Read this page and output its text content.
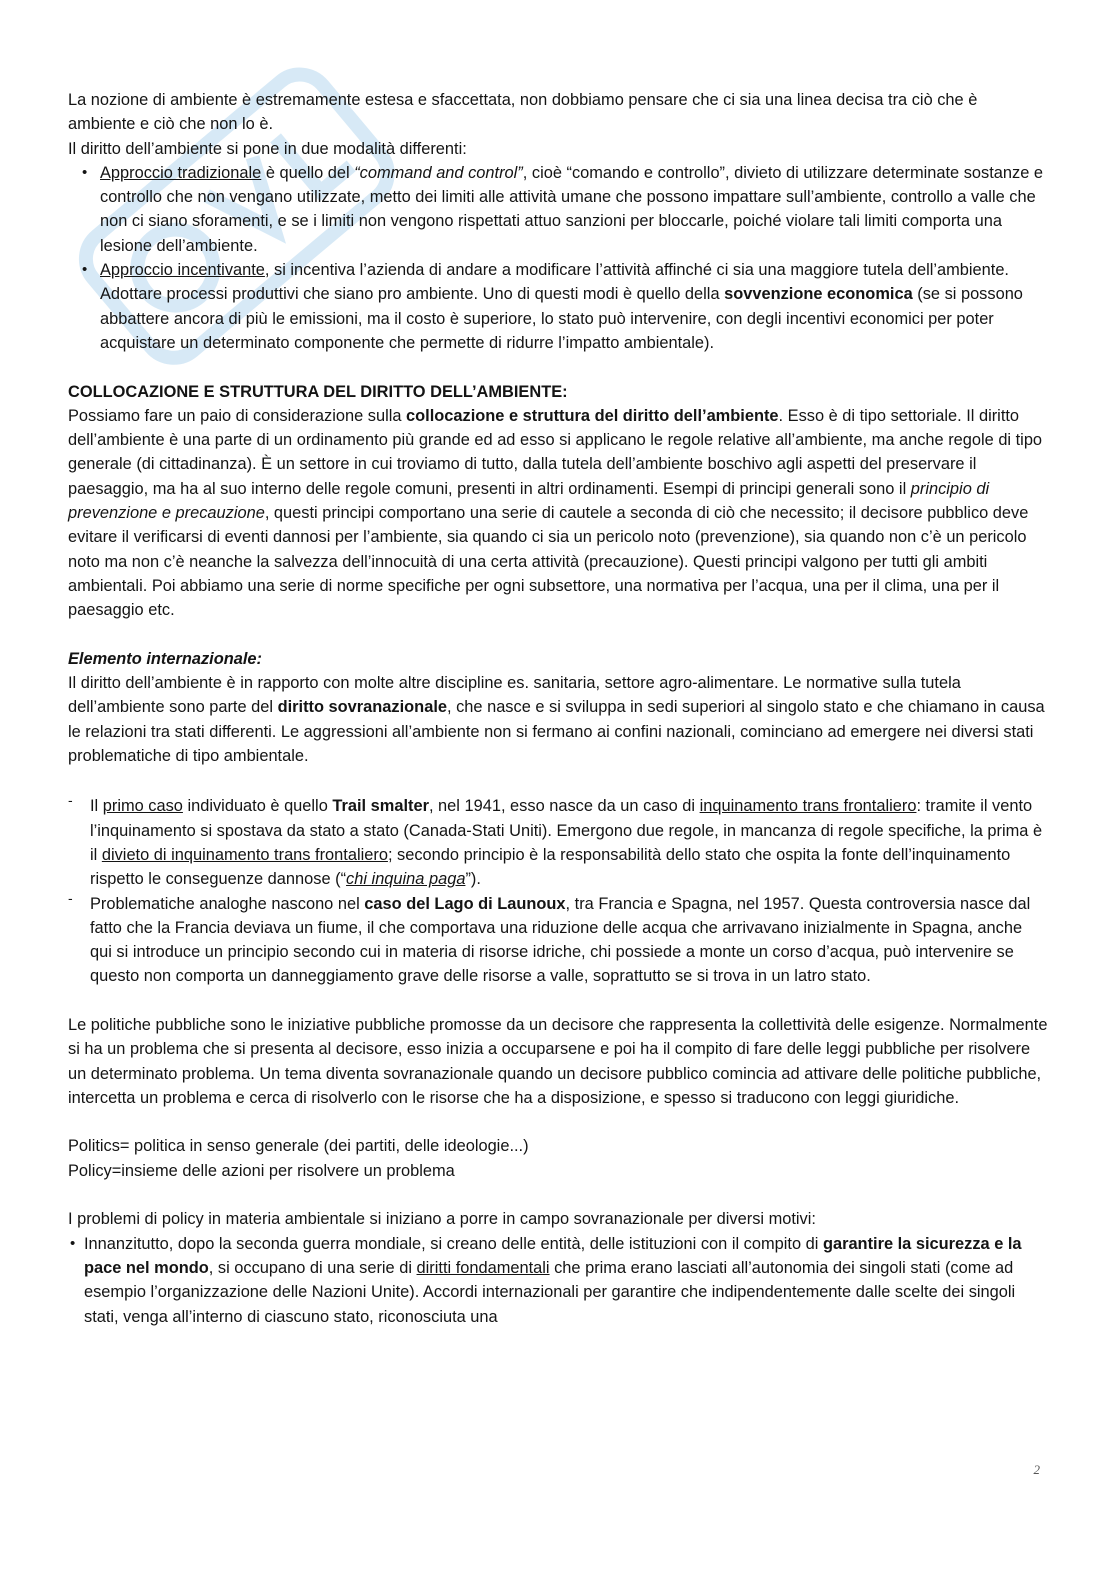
La nozione di ambiente è estremamente estesa e sfaccettata, non dobbiamo pensare che ci sia una linea decisa tra ciò che è ambiente e ciò che non lo è.

Il diritto dell’ambiente si pone in due modalità differenti:

• Approccio tradizionale è quello del “command and control”, cioè “comando e controllo”, divieto di utilizzare determinate sostanze e controllo che non vengano utilizzate, metto dei limiti alle attività umane che possono impattare sull’ambiente, controllo a valle che non ci siano sforamenti, e se i limiti non vengono rispettati attuo sanzioni per bloccarle, poiché violare tali limiti comporta una lesione dell’ambiente.
• Approccio incentivante, si incentiva l’azienda di andare a modificare l’attività affinché ci sia una maggiore tutela dell’ambiente. Adottare processi produttivi che siano pro ambiente. Uno di questi modi è quello della sovvenzione economica (se si possono abbattere ancora di più le emissioni, ma il costo è superiore, lo stato può intervenire, con degli incentivi economici per poter acquistare un determinato componente che permette di ridurre l’impatto ambientale).

COLLOCAZIONE E STRUTTURA DEL DIRITTO DELL’AMBIENTE:

Possiamo fare un paio di considerazione sulla collocazione e struttura del diritto dell’ambiente. Esso è di tipo settoriale. Il diritto dell’ambiente è una parte di un ordinamento più grande ed ad esso si applicano le regole relative all’ambiente, ma anche regole di tipo generale (di cittadinanza). È un settore in cui troviamo di tutto, dalla tutela dell’ambiente boschivo agli aspetti del preservare il paesaggio, ma ha al suo interno delle regole comuni, presenti in altri ordinamenti. Esempi di principi generali sono il principio di prevenzione e precauzione, questi principi comportano una serie di cautele a seconda di ciò che necessito; il decisore pubblico deve evitare il verificarsi di eventi dannosi per l’ambiente, sia quando ci sia un pericolo noto (prevenzione), sia quando non c’è un pericolo noto ma non c’è neanche la salvezza dell’innocuità di una certa attività (precauzione). Questi principi valgono per tutti gli ambiti ambientali. Poi abbiamo una serie di norme specifiche per ogni subsettore, una normativa per l’acqua, una per il clima, una per il paesaggio etc.

Elemento internazionale:

Il diritto dell’ambiente è in rapporto con molte altre discipline es. sanitaria, settore agro-alimentare. Le normative sulla tutela dell’ambiente sono parte del diritto sovranazionale, che nasce e si sviluppa in sedi superiori al singolo stato e che chiamano in causa le relazioni tra stati differenti. Le aggressioni all’ambiente non si fermano ai confini nazionali, cominciano ad emergere nei diversi stati problematiche di tipo ambientale.

- Il primo caso individuato è quello Trail smalter, nel 1941, esso nasce da un caso di inquinamento trans frontaliero: tramite il vento l’inquinamento si spostava da stato a stato (Canada-Stati Uniti). Emergono due regole, in mancanza di regole specifiche, la prima è il divieto di inquinamento trans frontaliero; secondo principio è la responsabilità dello stato che ospita la fonte dell’inquinamento rispetto le conseguenze dannose (“chi inquina paga”).
- Problematiche analoghe nascono nel caso del Lago di Launoux, tra Francia e Spagna, nel 1957. Questa controversia nasce dal fatto che la Francia deviava un fiume, il che comportava una riduzione delle acqua che arrivavano inizialmente in Spagna, anche qui si introduce un principio secondo cui in materia di risorse idriche, chi possiede a monte un corso d’acqua, può intervenire se questo non comporta un danneggiamento grave delle risorse a valle, soprattutto se si trova in un latro stato.

Le politiche pubbliche sono le iniziative pubbliche promosse da un decisore che rappresenta la collettività delle esigenze. Normalmente si ha un problema che si presenta al decisore, esso inizia a occuparsene e poi ha il compito di fare delle leggi pubbliche per risolvere un determinato problema. Un tema diventa sovranazionale quando un decisore pubblico comincia ad attivare delle politiche pubbliche, intercetta un problema e cerca di risolverlo con le risorse che ha a disposizione, e spesso si traducono con leggi giuridiche.

Politics= politica in senso generale (dei partiti, delle ideologie...)

Policy=insieme delle azioni per risolvere un problema

I problemi di policy in materia ambientale si iniziano a porre in campo sovranazionale per diversi motivi:

• Innanzitutto, dopo la seconda guerra mondiale, si creano delle entità, delle istituzioni con il compito di garantire la sicurezza e la pace nel mondo, si occupano di una serie di diritti fondamentali che prima erano lasciati all’autonomia dei singoli stati (come ad esempio l’organizzazione delle Nazioni Unite). Accordi internazionali per garantire che indipendentemente dalle scelte dei singoli stati, venga all’interno di ciascuno stato, riconosciuta una
2
